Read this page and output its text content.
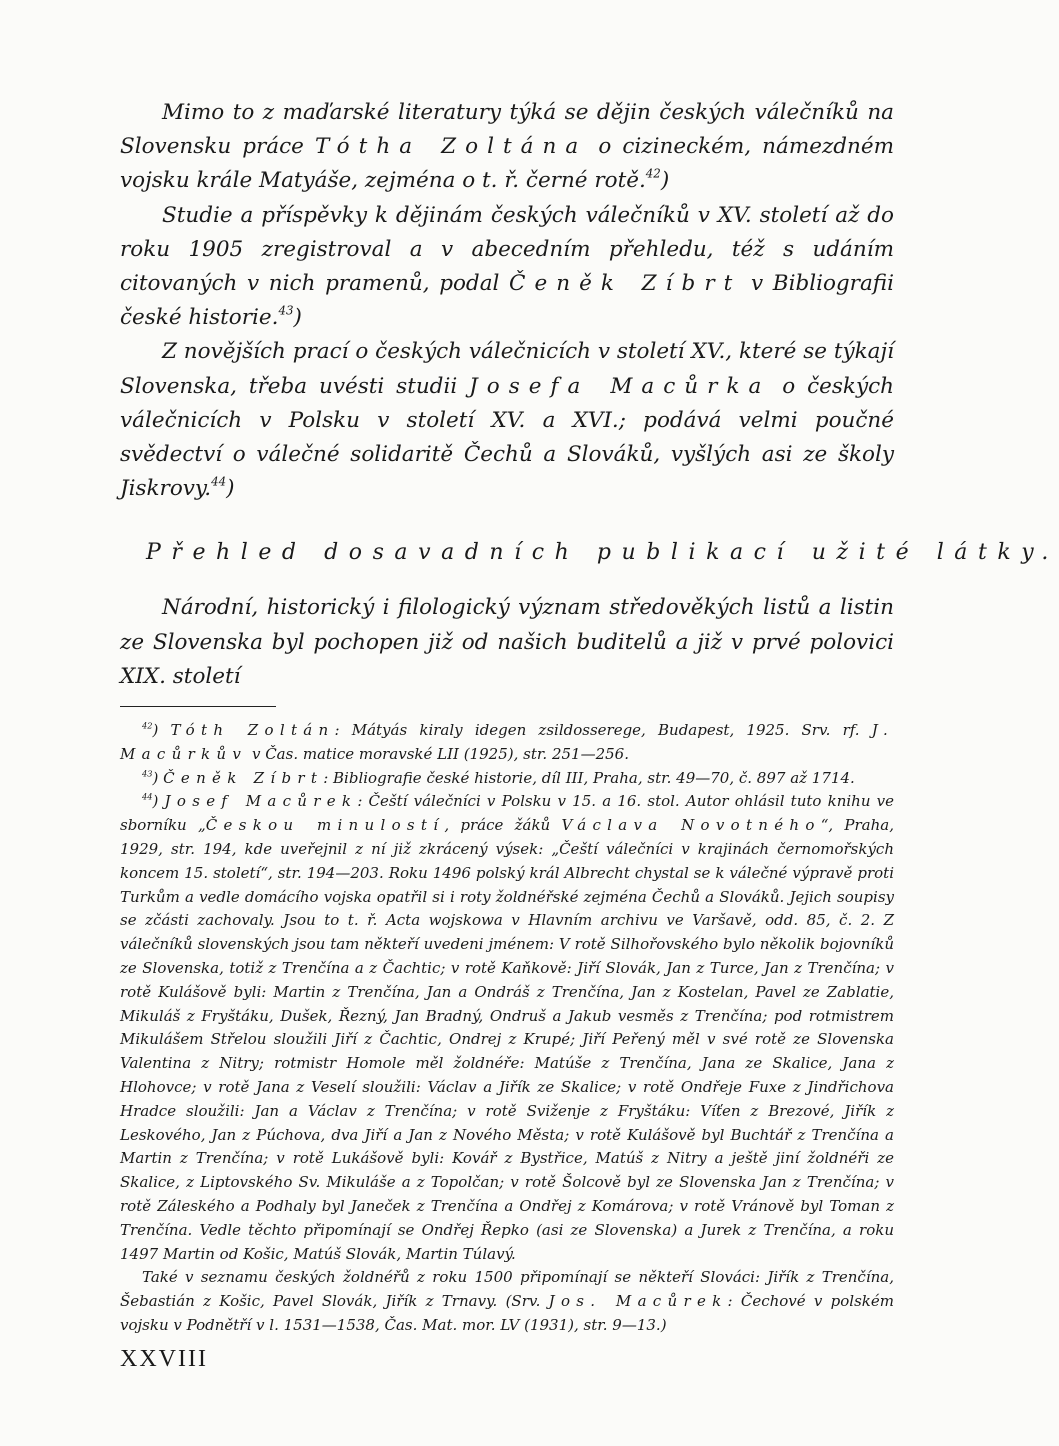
Mimo to z maďarské literatury týká se dějin českých válečníků na Slovensku práce Tótha Zoltána o cizineckém, námezdném vojsku krále Matyáše, zejména o t. ř. černé rotě.$^{42}$)

Studie a příspěvky k dějinám českých válečníků v XV. století až do roku 1905 zregistroval a v abecedním přehledu, též s udáním citovaných v nich pramenů, podal Čeněk Zíbrt v Bibliografii české historie.$^{43}$)

Z novějších prací o českých válečnicích v století XV., které se týkají Slovenska, třeba uvésti studii Josefa Macůrka o českých válečnicích v Polsku v století XV. a XVI.; podává velmi poučné svědectví o válečné solidaritě Čechů a Slováků, vyšlých asi ze školy Jiskrovy.$^{44}$)

Přehled dosavadních publikací užité látky.

Národní, historický i filologický význam středověkých listů a listin ze Slovenska byl pochopen již od našich buditelů a již v prvé polovici XIX. století

$^{42}$) Tóth Zoltán: Mátyás kiraly idegen zsildosserege, Budapest, 1925. Srv. rf. J. Macůrkův v Čas. matice moravské LII (1925), str. 251—256.

$^{43}$) Čeněk Zíbrt: Bibliografie české historie, díl III, Praha, str. 49—70, č. 897 až 1714.

$^{44}$) Josef Macůrek: Čeští válečníci v Polsku v 15. a 16. stol. Autor ohlásil tuto knihu ve sborníku „Českou minulostí, práce žáků Václava Novotného“, Praha, 1929, str. 194, kde uveřejnil z ní již zkrácený výsek: „Čeští válečníci v krajinách černomořských koncem 15. století“, str. 194—203. Roku 1496 polský král Albrecht chystal se k válečné výpravě proti Turkům a vedle domácího vojska opatřil si i roty žoldnéřské zejména Čechů a Slováků. Jejich soupisy se zčásti zachovaly. Jsou to t. ř. Acta wojskowa v Hlavním archivu ve Varšavě, odd. 85, č. 2. Z válečníků slovenských jsou tam někteří uvedeni jménem: V rotě Silhořovského bylo několik bojovníků ze Slovenska, totiž z Trenčína a z Čachtic; v rotě Kaňkově: Jiří Slovák, Jan z Turce, Jan z Trenčína; v rotě Kulášově byli: Martin z Trenčína, Jan a Ondráš z Trenčína, Jan z Kostelan, Pavel ze Zablatie, Mikuláš z Fryštáku, Dušek, Řezný, Jan Bradný, Ondruš a Jakub vesměs z Trenčína; pod rotmistrem Mikulášem Střelou sloužili Jiří z Čachtic, Ondrej z Krupé; Jiří Peřený měl v své rotě ze Slovenska Valentina z Nitry; rotmistr Homole měl žoldnéře: Matúše z Trenčína, Jana ze Skalice, Jana z Hlohovce; v rotě Jana z Veselí sloužili: Václav a Jiřík ze Skalice; v rotě Ondřeje Fuxe z Jindřichova Hradce sloužili: Jan a Václav z Trenčína; v rotě Sviženje z Fryštáku: Víťen z Brezové, Jiřík z Leskového, Jan z Púchova, dva Jiří a Jan z Nového Města; v rotě Kulášově byl Buchtář z Trenčína a Martin z Trenčína; v rotě Lukášově byli: Kovář z Bystřice, Matúš z Nitry a ještě jiní žoldnéři ze Skalice, z Liptovského Sv. Mikuláše a z Topolčan; v rotě Šolcově byl ze Slovenska Jan z Trenčína; v rotě Záleského a Podhaly byl Janeček z Trenčína a Ondřej z Komárova; v rotě Vránově byl Toman z Trenčína. Vedle těchto připomínají se Ondřej Řepko (asi ze Slovenska) a Jurek z Trenčína, a roku 1497 Martin od Košic, Matúš Slovák, Martin Túlavý.

Také v seznamu českých žoldnéřů z roku 1500 připomínají se někteří Slováci: Jiřík z Trenčína, Šebastián z Košic, Pavel Slovák, Jiřík z Trnavy. (Srv. Jos. Macůrek: Čechové v polském vojsku v Podnětří v l. 1531—1538, Čas. Mat. mor. LV (1931), str. 9—13.)

XXVIII
